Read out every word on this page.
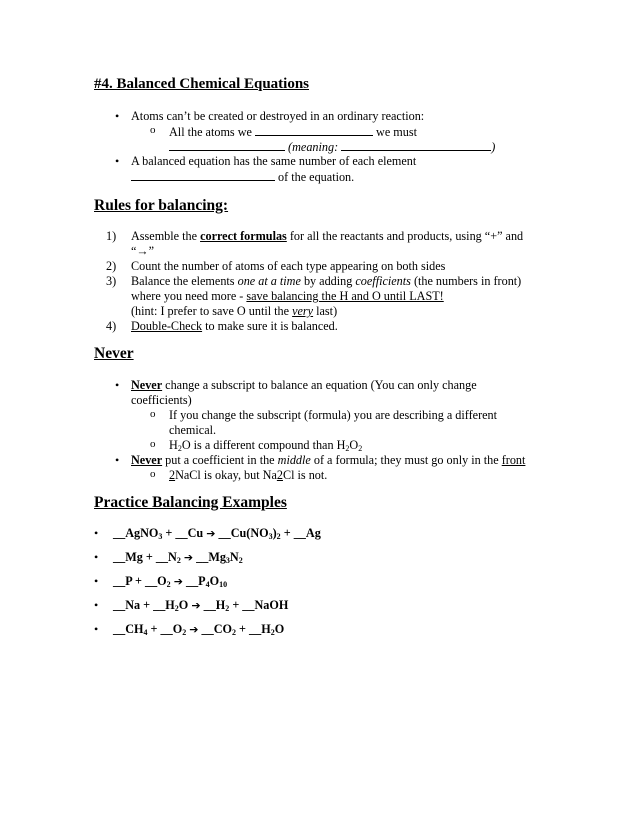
#4. Balanced Chemical Equations
• Atoms can’t be created or destroyed in an ordinary reaction:
o All the atoms we	we must
(meaning:	)
• A balanced equation has the same number of each element
of the equation.
Rules for balancing:
1) Assemble the correct formulas for all the reactants and products, using “+” and
“→”
2) Count the number of atoms of each type appearing on both sides
3) Balance the elements one at a time by adding coefficients (the numbers in front)
where you need more - save balancing the H and O until LAST!
(hint: I prefer to save O until the very last)
4) Double-Check to make sure it is balanced.
Never
• Never change a subscript to balance an equation (You can only change
coefficients)
o If you change the subscript (formula) you are describing a different
chemical.
o $H_2O$ is a different compound than $H_2O_2$
• Never put a coefficient in the middle of a formula; they must go only in the front
o 2NaCl is okay, but Na2Cl is not.
Practice Balancing Examples
• __AgNO$_3$ + __Cu ➔ $\_\_Cu(NO_3)_2$ + __Ag
• __Mg + $\_\_N_2$ ➔ $\_\_Mg_3N_2$
• __P + $\_\_O_2$ ➔ $\_\_P_4O_{10}$
• __Na + $\_\_H_2O$ ➔ $\_\_H_2$ + __NaOH
• $\_\_CH_4$ + $\_\_O_2$ ➔ $\_\_CO_2$ + $\_\_H_2O$
